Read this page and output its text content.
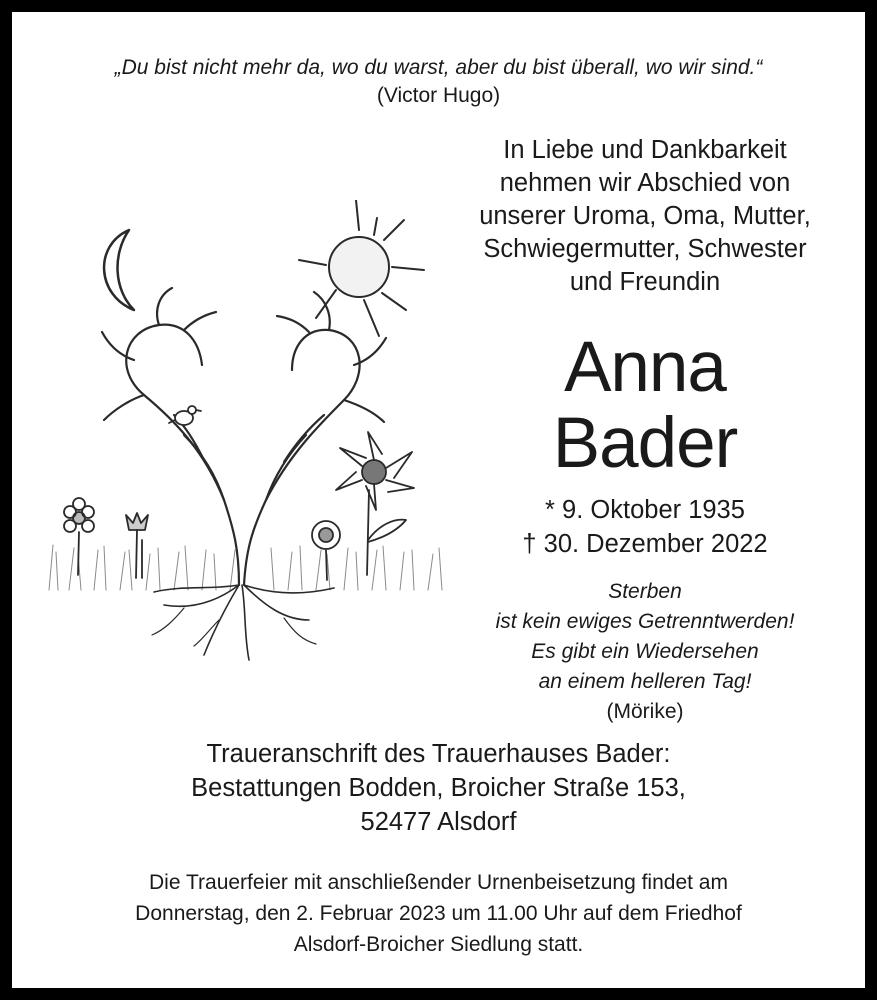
„Du bist nicht mehr da, wo du warst, aber du bist überall, wo wir sind.“
(Victor Hugo)
In Liebe und Dankbarkeit
nehmen wir Abschied von
unserer Uroma, Oma, Mutter,
Schwiegermutter, Schwester
und Freundin
Anna
Bader
* 9. Oktober 1935
† 30. Dezember 2022
Sterben
ist kein ewiges Getrenntwerden!
Es gibt ein Wiedersehen
an einem helleren Tag!
(Mörike)
Traueranschrift des Trauerhauses Bader:
Bestattungen Bodden, Broicher Straße 153,
52477 Alsdorf
Die Trauerfeier mit anschließender Urnenbeisetzung findet am
Donnerstag, den 2. Februar 2023 um 11.00 Uhr auf dem Friedhof
Alsdorf-Broicher Siedlung statt.
